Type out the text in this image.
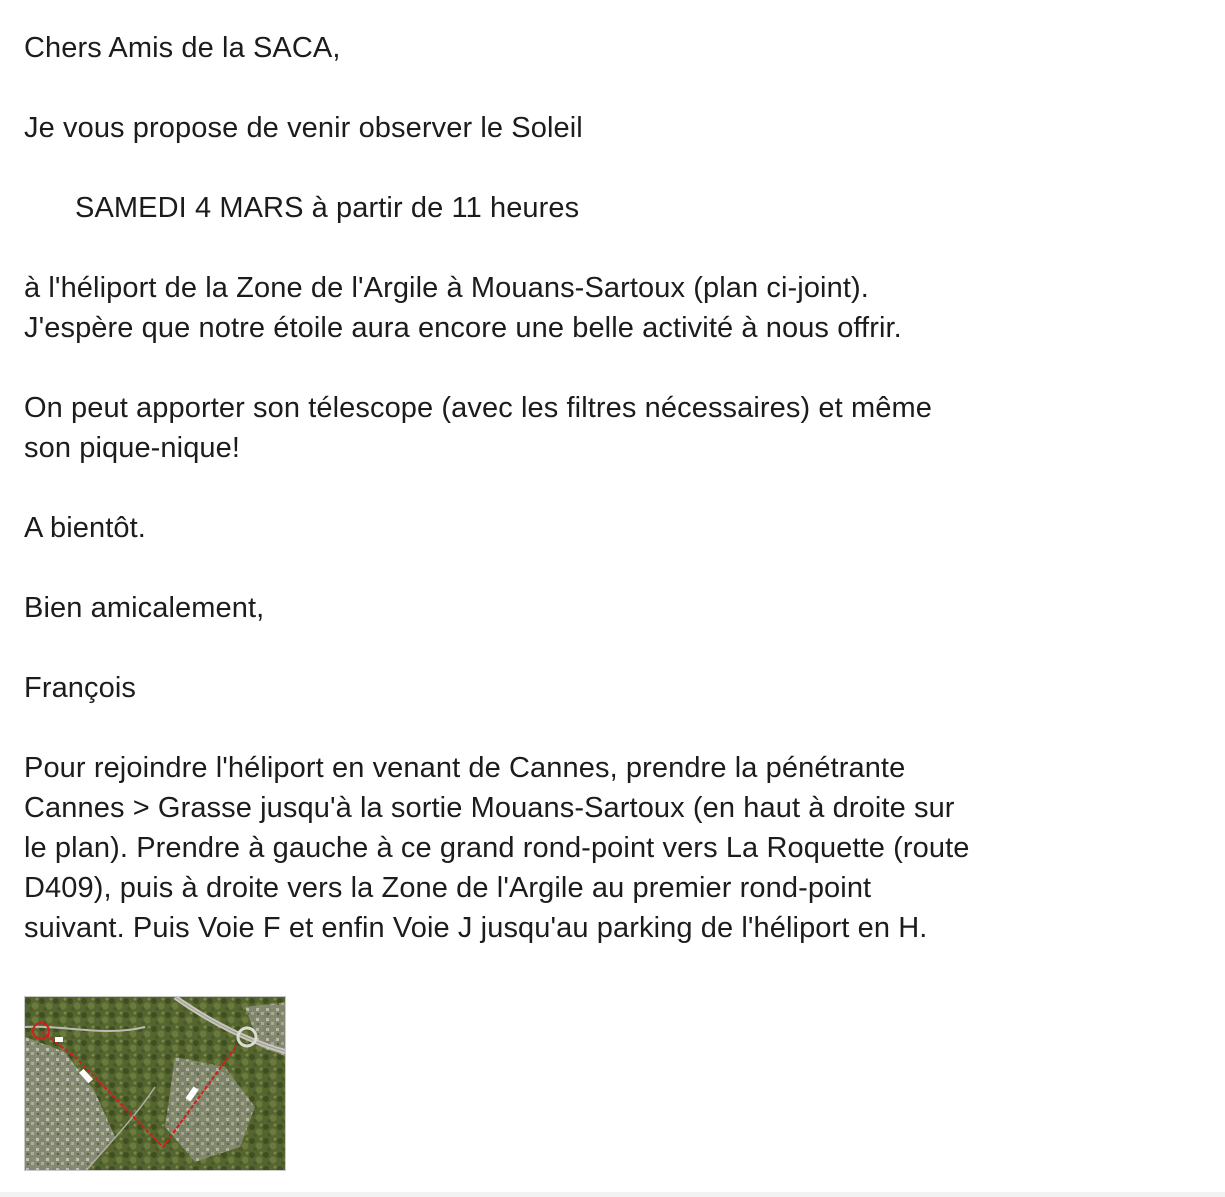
Chers Amis de la SACA,

Je vous propose de venir observer le Soleil

SAMEDI 4 MARS à partir de 11 heures

à l'héliport de la Zone de l'Argile à Mouans-Sartoux (plan ci-joint).
J'espère que notre étoile aura encore une belle activité à nous offrir.

On peut apporter son télescope (avec les filtres nécessaires) et même
son pique-nique!

A bientôt.

Bien amicalement,

François

Pour rejoindre l'héliport en venant de Cannes, prendre la pénétrante
Cannes > Grasse jusqu'à la sortie Mouans-Sartoux (en haut à droite sur
le plan). Prendre à gauche à ce grand rond-point vers La Roquette (route
D409), puis à droite vers la Zone de l'Argile au premier rond-point
suivant. Puis Voie F et enfin Voie J jusqu'au parking de l'héliport en H.
